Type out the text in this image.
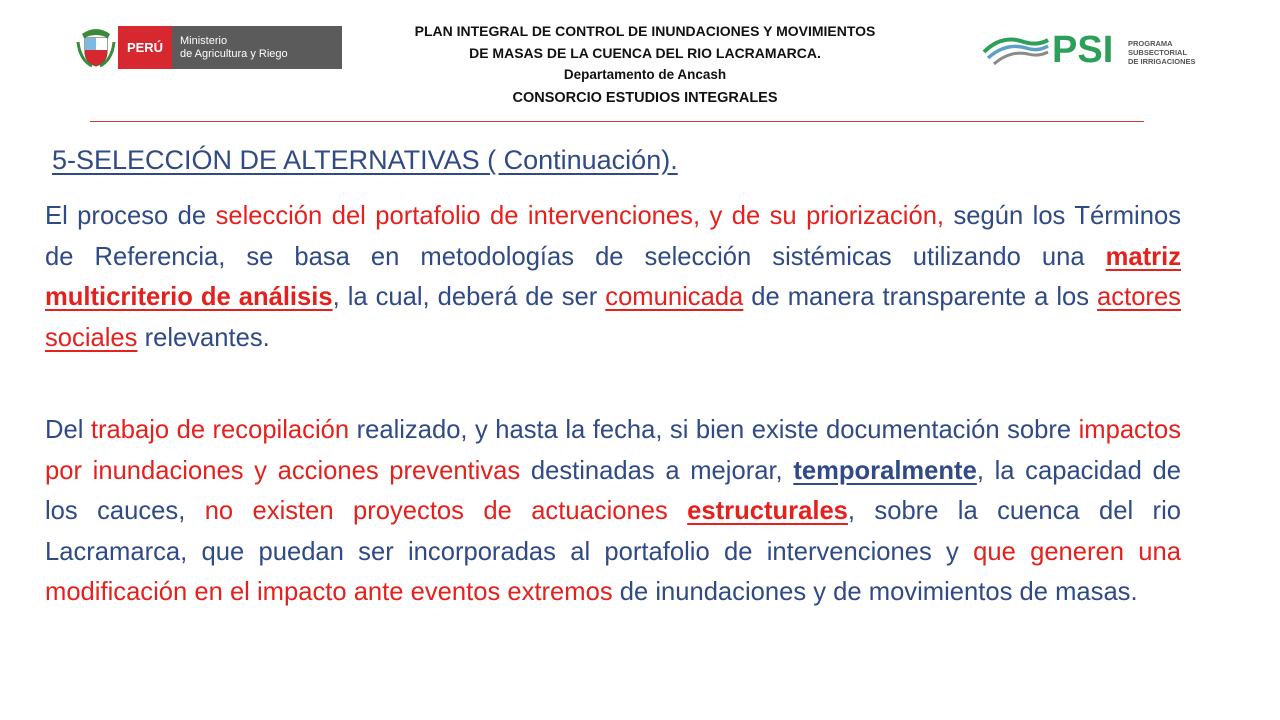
PERÚ	Ministerio
de Agricultura y Riego
PLAN INTEGRAL DE CONTROL DE INUNDACIONES Y MOVIMIENTOS
DE MASAS DE LA CUENCA DEL RIO LACRAMARCA.
Departamento de Ancash
CONSORCIO ESTUDIOS INTEGRALES
PSI PROGRAMA
SUBSECTORIAL
DE IRRIGACIONES
5-SELECCIÓN DE ALTERNATIVAS ( Continuación).
El proceso de selección del portafolio de intervenciones, y de su priorización, según los Términos de Referencia, se basa en metodologías de selección sistémicas utilizando una matriz multicriterio de análisis, la cual, deberá de ser comunicada de manera transparente a los actores sociales relevantes.
Del trabajo de recopilación realizado, y hasta la fecha, si bien existe documentación sobre impactos por inundaciones y acciones preventivas destinadas a mejorar, temporalmente, la capacidad de los cauces, no existen proyectos de actuaciones estructurales, sobre la cuenca del rio Lacramarca, que puedan ser incorporadas al portafolio de intervenciones y que generen una modificación en el impacto ante eventos extremos de inundaciones y de movimientos de masas.
